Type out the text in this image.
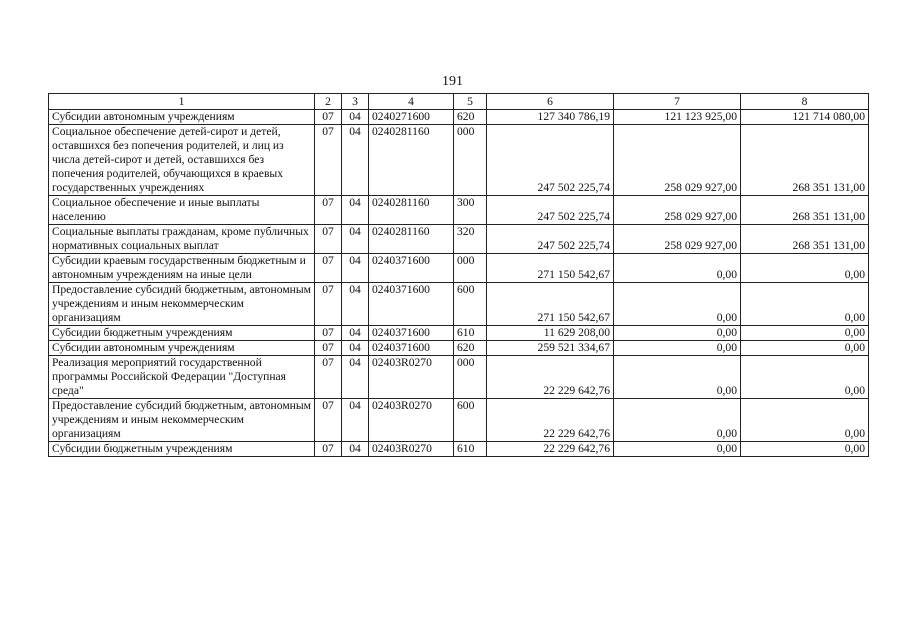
191
1	2	3	4	5	6	7	8
Субсидии автономным учреждениям	07	04	0240271600	620	127 340 786,19	121 123 925,00	121 714 080,00
Социальное обеспечение детей-сирот и детей, оставшихся без попечения родителей, и лиц из числа детей-сирот и детей, оставшихся без попечения родителей, обучающихся в краевых государственных учреждениях	07	04	0240281160	000	247 502 225,74	258 029 927,00	268 351 131,00
Социальное обеспечение и иные выплаты населению	07	04	0240281160	300	247 502 225,74	258 029 927,00	268 351 131,00
Социальные выплаты гражданам, кроме публичных нормативных социальных выплат	07	04	0240281160	320	247 502 225,74	258 029 927,00	268 351 131,00
Субсидии краевым государственным бюджетным и автономным учреждениям на иные цели	07	04	0240371600	000	271 150 542,67	0,00	0,00
Предоставление субсидий бюджетным, автономным учреждениям и иным некоммерческим организациям	07	04	0240371600	600	271 150 542,67	0,00	0,00
Субсидии бюджетным учреждениям	07	04	0240371600	610	11 629 208,00	0,00	0,00
Субсидии автономным учреждениям	07	04	0240371600	620	259 521 334,67	0,00	0,00
Реализация мероприятий государственной программы Российской Федерации "Доступная среда"	07	04	02403R0270	000	22 229 642,76	0,00	0,00
Предоставление субсидий бюджетным, автономным учреждениям и иным некоммерческим организациям	07	04	02403R0270	600	22 229 642,76	0,00	0,00
Субсидии бюджетным учреждениям	07	04	02403R0270	610	22 229 642,76	0,00	0,00
